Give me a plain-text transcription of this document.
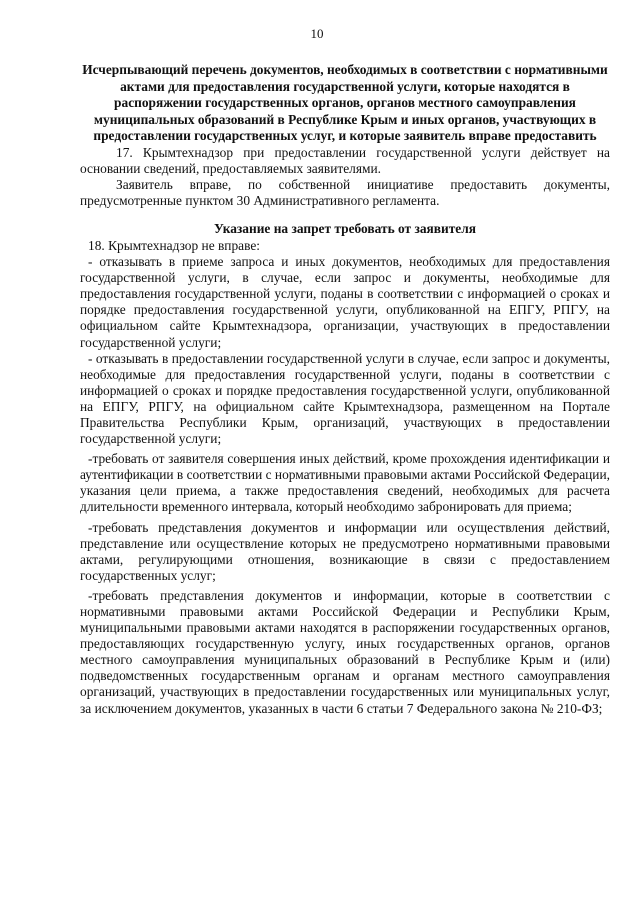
10

Исчерпывающий перечень документов, необходимых в соответствии с нормативными актами для предоставления государственной услуги, которые находятся в распоряжении государственных органов, органов местного самоуправления муниципальных образований в Республике Крым и иных органов, участвующих в предоставлении государственных услуг, и которые заявитель вправе предоставить

17. Крымтехнадзор при предоставлении государственной услуги действует на основании сведений, предоставляемых заявителями.

Заявитель вправе, по собственной инициативе предоставить документы, предусмотренные пунктом 30 Административного регламента.

Указание на запрет требовать от заявителя

18. Крымтехнадзор не вправе:

- отказывать в приеме запроса и иных документов, необходимых для предоставления государственной услуги, в случае, если запрос и документы, необходимые для предоставления государственной услуги, поданы в соответствии с информацией о сроках и порядке предоставления государственной услуги, опубликованной на ЕПГУ, РПГУ, на официальном сайте Крымтехнадзора, организации, участвующих в предоставлении государственной услуги;

- отказывать в предоставлении государственной услуги в случае, если запрос и документы, необходимые для предоставления государственной услуги, поданы в соответствии с информацией о сроках и порядке предоставления государственной услуги, опубликованной на ЕПГУ, РПГУ, на официальном сайте Крымтехнадзора, размещенном на Портале Правительства Республики Крым, организаций, участвующих в предоставлении государственной услуги;

-требовать от заявителя совершения иных действий, кроме прохождения идентификации и аутентификации в соответствии с нормативными правовыми актами Российской Федерации, указания цели приема, а также предоставления сведений, необходимых для расчета длительности временного интервала, который необходимо забронировать для приема;

-требовать представления документов и информации или осуществления действий, представление или осуществление которых не предусмотрено нормативными правовыми актами, регулирующими отношения, возникающие в связи с предоставлением государственных услуг;

-требовать представления документов и информации, которые в соответствии с нормативными правовыми актами Российской Федерации и Республики Крым, муниципальными правовыми актами находятся в распоряжении государственных органов, предоставляющих государственную услугу, иных государственных органов, органов местного самоуправления муниципальных образований в Республике Крым и (или) подведомственных государственным органам и органам местного самоуправления организаций, участвующих в предоставлении государственных или муниципальных услуг, за исключением документов, указанных в части 6 статьи 7 Федерального закона № 210-ФЗ;
